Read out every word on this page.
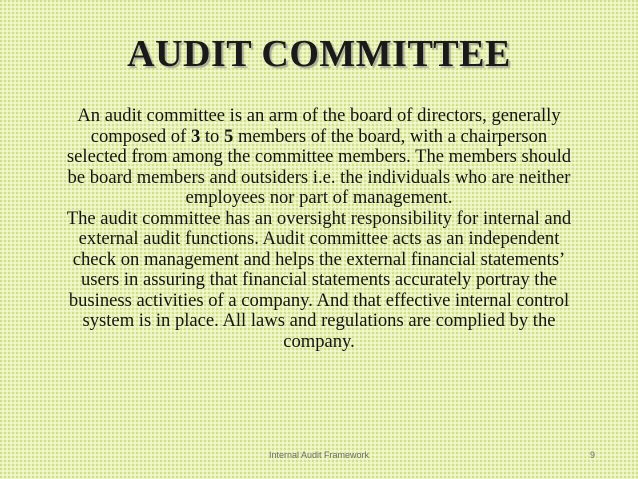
AUDIT COMMITTEE

An audit committee is an arm of the board of directors, generally composed of 3 to 5 members of the board, with a chairperson selected from among the committee members. The members should be board members and outsiders i.e. the individuals who are neither employees nor part of management.

The audit committee has an oversight responsibility for internal and external audit functions. Audit committee acts as an independent check on management and helps the external financial statements’ users in assuring that financial statements accurately portray the business activities of a company. And that effective internal control system is in place. All laws and regulations are complied by the company.

Internal Audit Framework	9
